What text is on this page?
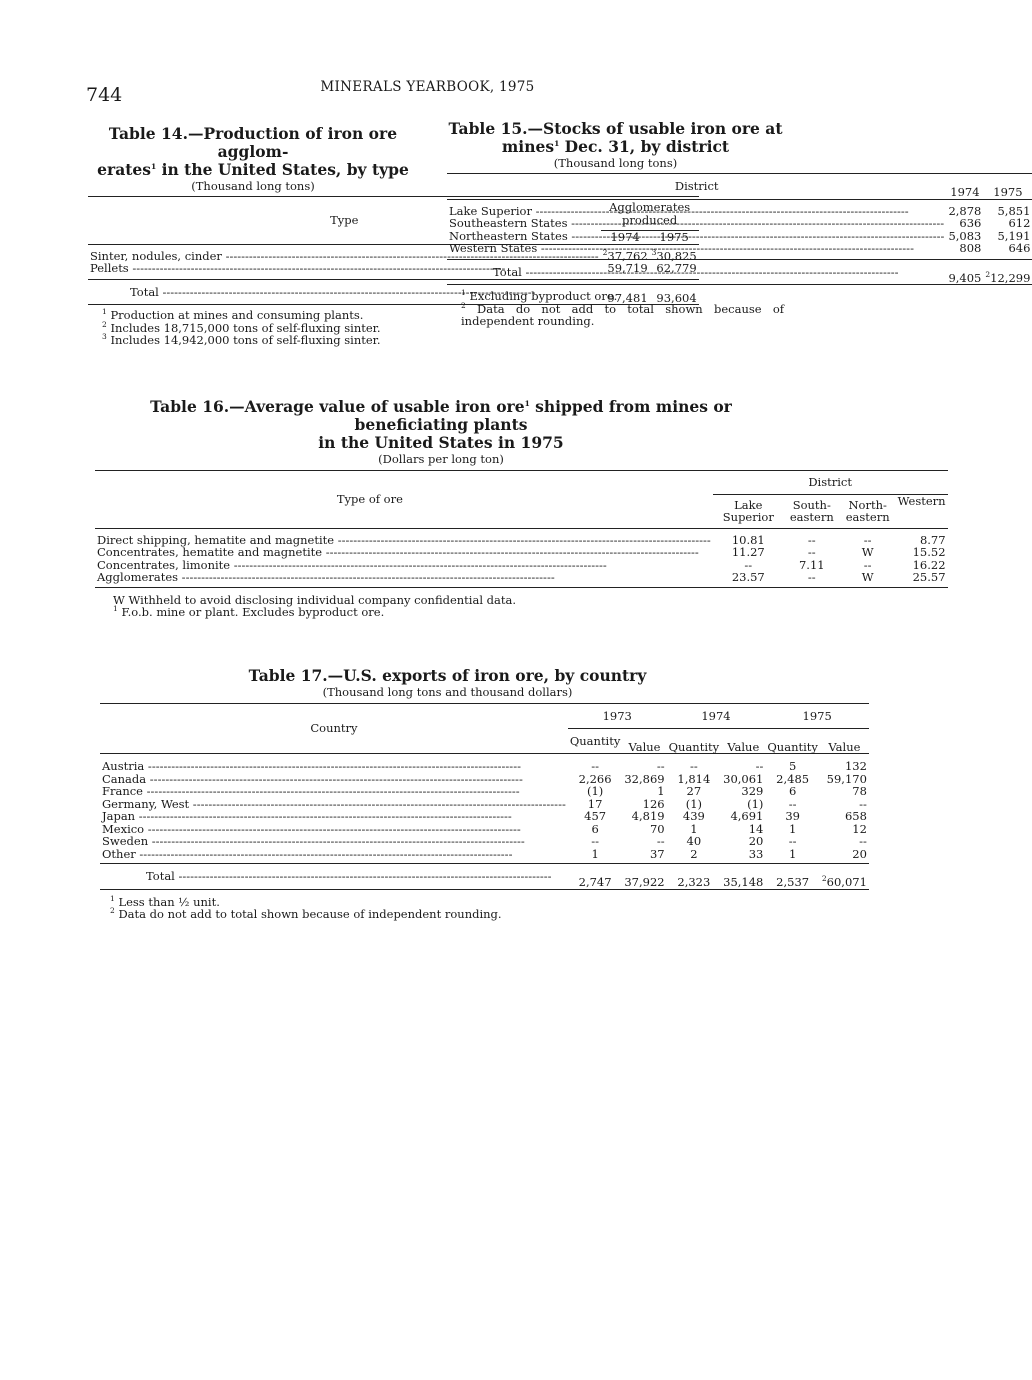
744	MINERALS YEARBOOK, 1975
Table 14.—Production of iron ore agglom-
erates$^1$ in the United States, by type
(Thousand long tons)
Type	Agglomerates produced	
	1974	1975

Sinter, nodules, cinder -----	$^2$37,762	$^3$30,825
Pellets -----	59,719	62,779
Total -----	97,481	93,604
$^1$ Production at mines and consuming plants.
$^2$ Includes 18,715,000 tons of self-fluxing sinter.
$^3$ Includes 14,942,000 tons of self-fluxing sinter.
Table 15.—Stocks of usable iron ore at
mines$^1$ Dec. 31, by district
(Thousand long tons)
District	1974	1975

Lake Superior -----	2,878	5,851
Southeastern States -----	636	612
Northeastern States -----	5,083	5,191
Western States -----	808	646
Total -----	9,405	$^2$12,299
$^1$ Excluding byproduct ore.
$^2$ Data do not add to total shown because of independent rounding.
Table 16.—Average value of usable iron ore$^1$ shipped from mines or beneficiating plants
in the United States in 1975
(Dollars per long ton)
Type of ore	District			
	Lake Superior	South-eastern	North-eastern	Western

Direct shipping, hematite and magnetite -----	10.81	--	--	8.77
Concentrates, hematite and magnetite -----	11.27	--	W	15.52
Concentrates, limonite -----	--	7.11	--	16.22
Agglomerates -----	23.57	--	W	25.57
W Withheld to avoid disclosing individual company confidential data.
$^1$ F.o.b. mine or plant. Excludes byproduct ore.
Table 17.—U.S. exports of iron ore, by country
(Thousand long tons and thousand dollars)
Country	1973		1974		1975	
	Quantity	Value	Quantity	Value	Quantity	Value

Austria -----	--	--	--	--	5	132
Canada -----	2,266	32,869	1,814	30,061	2,485	59,170
France -----	(1)	1	27	329	6	78
Germany, West -----	17	126	(1)	(1)	--	--
Japan -----	457	4,819	439	4,691	39	658
Mexico -----	6	70	1	14	1	12
Sweden -----	--	--	40	20	--	--
Other -----	1	37	2	33	1	20
Total -----	2,747	37,922	2,323	35,148	2,537	$^2$60,071
$^1$ Less than ½ unit.
$^2$ Data do not add to total shown because of independent rounding.
